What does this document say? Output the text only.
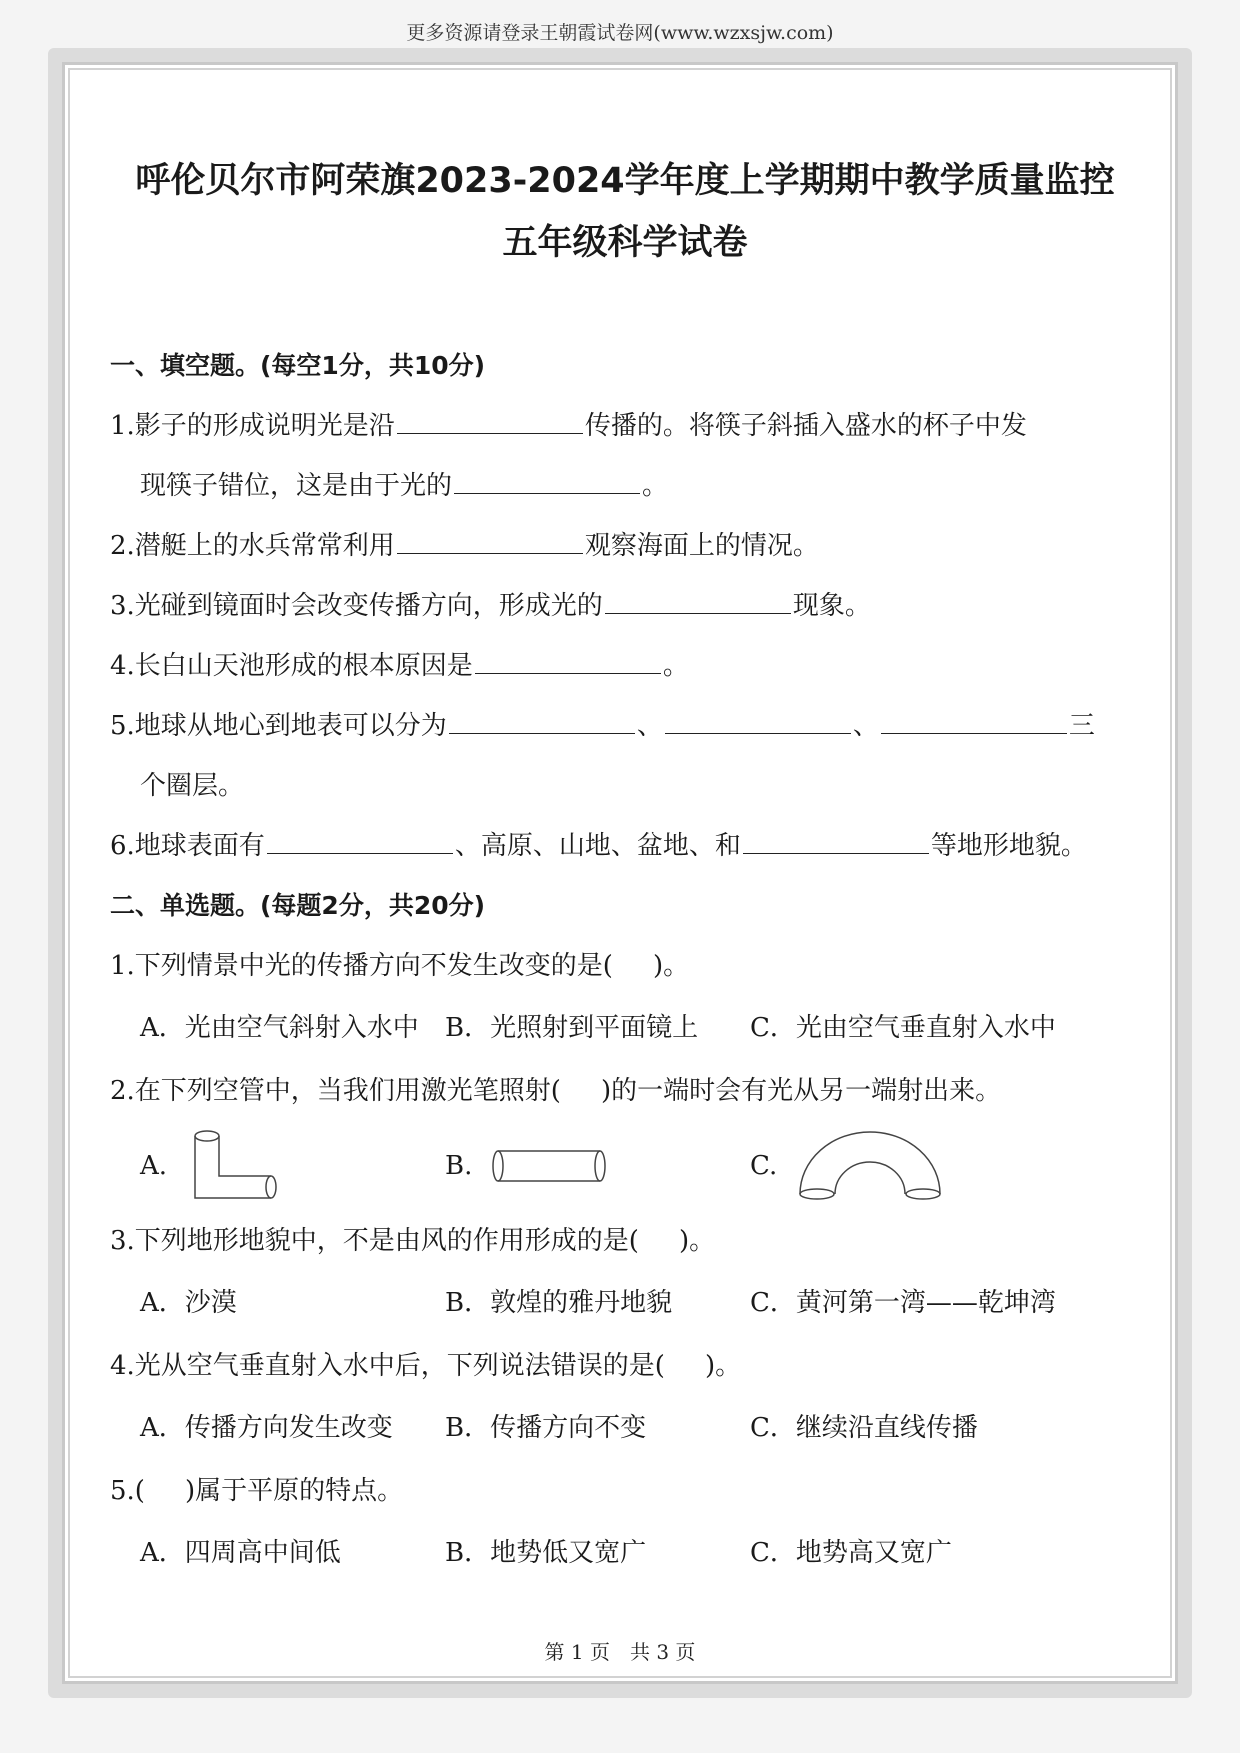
更多资源请登录王朝霞试卷网(www.wzxsjw.com)
呼伦贝尔市阿荣旗2023-2024学年度上学期期中教学质量监控
五年级科学试卷
一、填空题。(每空1分，共10分)
1.影子的形成说明光是沿	传播的。将筷子斜插入盛水的杯子中发
现筷子错位，这是由于光的	。
2.潜艇上的水兵常常利用	观察海面上的情况。
3.光碰到镜面时会改变传播方向，形成光的	现象。
4.长白山天池形成的根本原因是	。
5.地球从地心到地表可以分为	、	、	三
个圈层。
6.地球表面有	、高原、山地、盆地、和	等地形地貌。
二、单选题。(每题2分，共20分)
1.下列情景中光的传播方向不发生改变的是( )。
A．光由空气斜射入水中	B．光照射到平面镜上	C．光由空气垂直射入水中
2.在下列空管中，当我们用激光笔照射( )的一端时会有光从另一端射出来。
A.	B.	C.
3.下列地形地貌中，不是由风的作用形成的是( )。
A．沙漠	B．敦煌的雅丹地貌	C．黄河第一湾——乾坤湾
4.光从空气垂直射入水中后，下列说法错误的是( )。
A．传播方向发生改变	B．传播方向不变	C．继续沿直线传播
5.( )属于平原的特点。
A．四周高中间低	B．地势低又宽广	C．地势高又宽广
第 1 页　共 3 页
